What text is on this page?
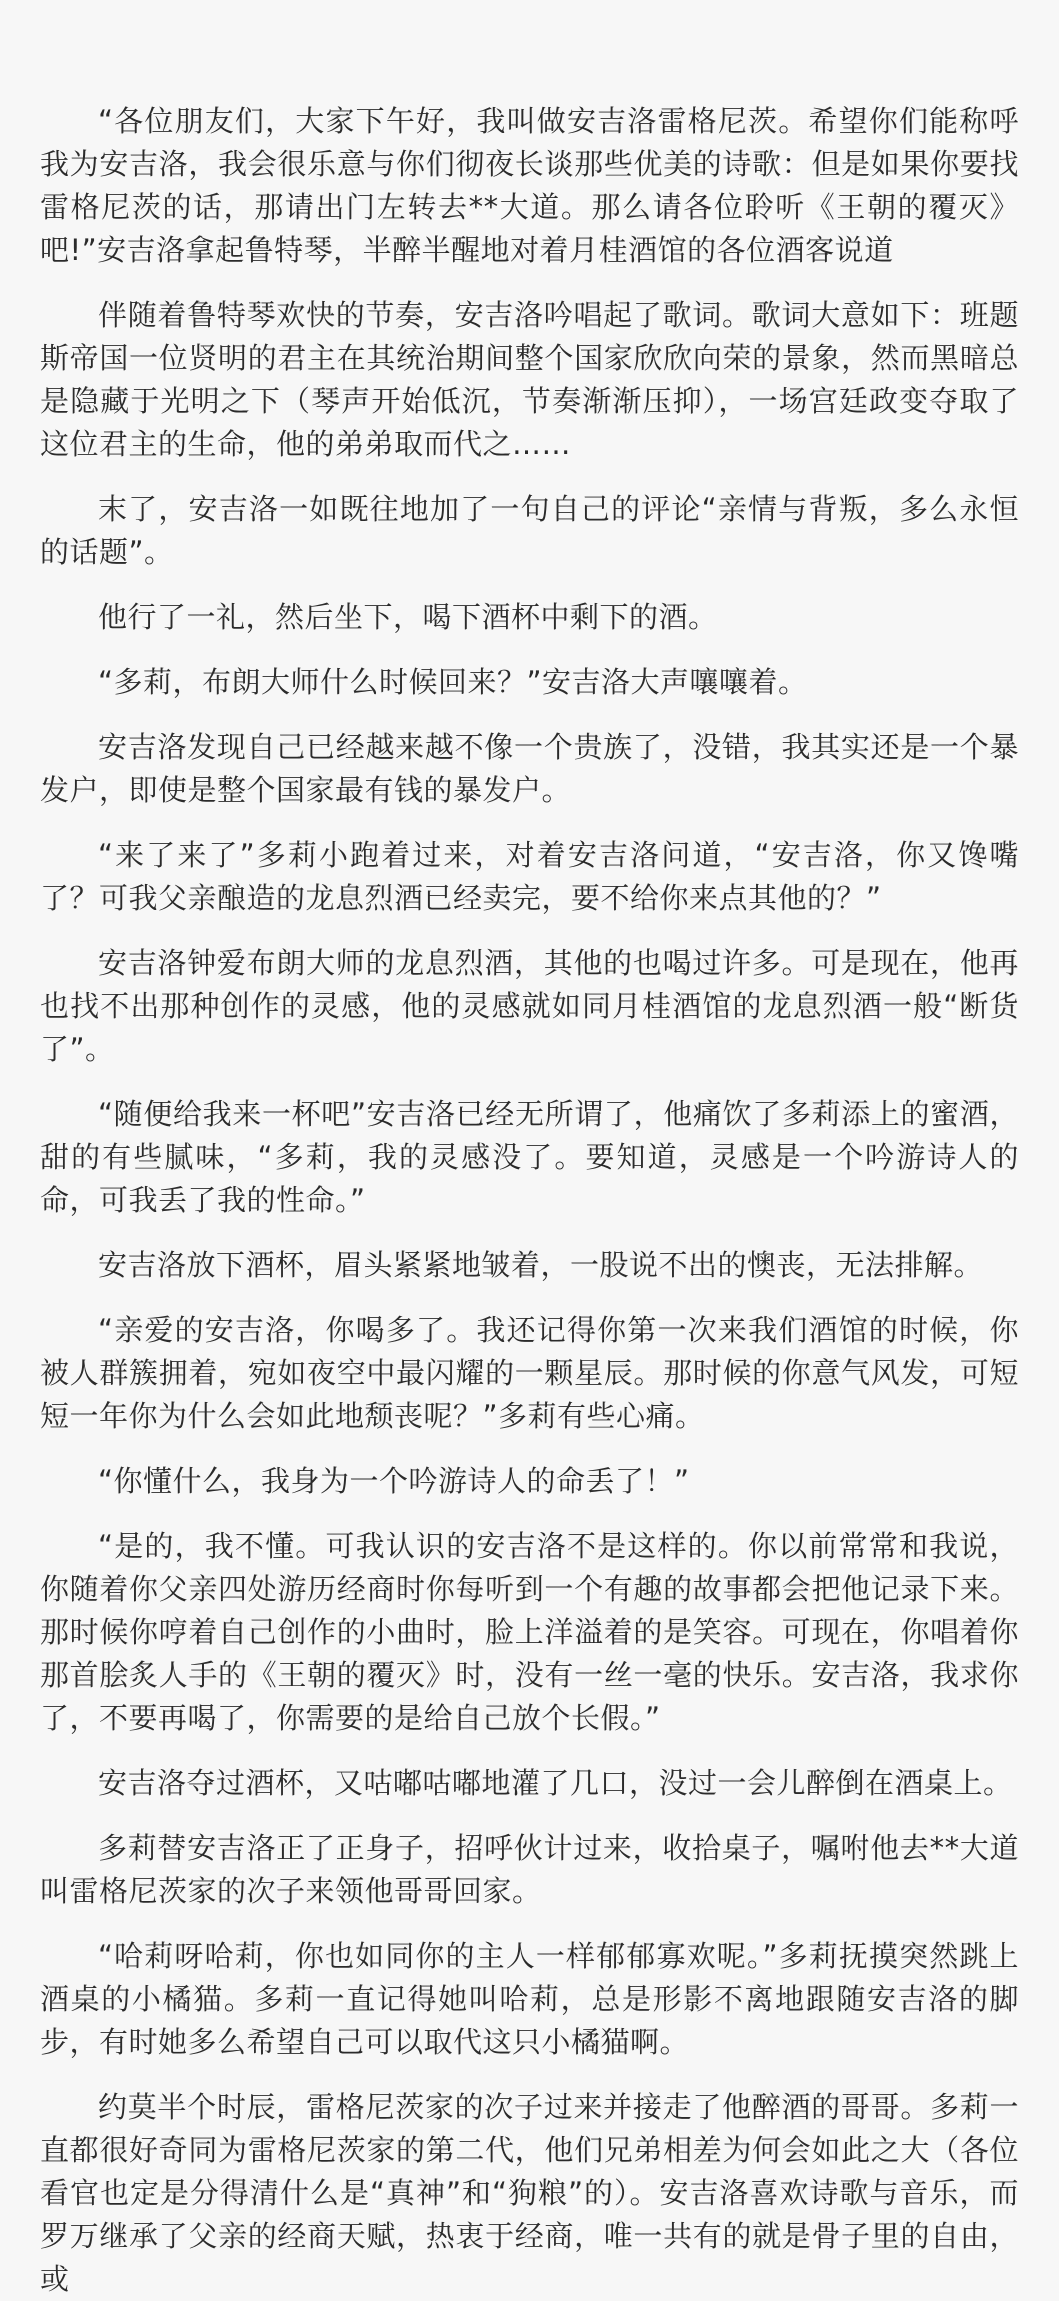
“各位朋友们，大家下午好，我叫做安吉洛雷格尼茨。希望你们能称呼我为安吉洛，我会很乐意与你们彻夜长谈那些优美的诗歌：但是如果你要找雷格尼茨的话，那请出门左转去**大道。那么请各位聆听《王朝的覆灭》吧!”安吉洛拿起鲁特琴，半醉半醒地对着月桂酒馆的各位酒客说道

伴随着鲁特琴欢快的节奏，安吉洛吟唱起了歌词。歌词大意如下：班题斯帝国一位贤明的君主在其统治期间整个国家欣欣向荣的景象，然而黑暗总是隐藏于光明之下（琴声开始低沉，节奏渐渐压抑），一场宫廷政变夺取了这位君主的生命，他的弟弟取而代之……

末了，安吉洛一如既往地加了一句自己的评论“亲情与背叛，多么永恒的话题”。

他行了一礼，然后坐下，喝下酒杯中剩下的酒。

“多莉，布朗大师什么时候回来？”安吉洛大声嚷嚷着。

安吉洛发现自己已经越来越不像一个贵族了，没错，我其实还是一个暴发户，即使是整个国家最有钱的暴发户。

“来了来了”多莉小跑着过来，对着安吉洛问道，“安吉洛，你又馋嘴了？可我父亲酿造的龙息烈酒已经卖完，要不给你来点其他的？”

安吉洛钟爱布朗大师的龙息烈酒，其他的也喝过许多。可是现在，他再也找不出那种创作的灵感，他的灵感就如同月桂酒馆的龙息烈酒一般“断货了”。

“随便给我来一杯吧”安吉洛已经无所谓了，他痛饮了多莉添上的蜜酒，甜的有些腻味，“多莉，我的灵感没了。要知道，灵感是一个吟游诗人的命，可我丢了我的性命。”

安吉洛放下酒杯，眉头紧紧地皱着，一股说不出的懊丧，无法排解。

“亲爱的安吉洛，你喝多了。我还记得你第一次来我们酒馆的时候，你被人群簇拥着，宛如夜空中最闪耀的一颗星辰。那时候的你意气风发，可短短一年你为什么会如此地颓丧呢？”多莉有些心痛。

“你懂什么，我身为一个吟游诗人的命丢了！”

“是的，我不懂。可我认识的安吉洛不是这样的。你以前常常和我说，你随着你父亲四处游历经商时你每听到一个有趣的故事都会把他记录下来。那时候你哼着自己创作的小曲时，脸上洋溢着的是笑容。可现在，你唱着你那首脍炙人手的《王朝的覆灭》时，没有一丝一毫的快乐。安吉洛，我求你了，不要再喝了，你需要的是给自己放个长假。”

安吉洛夺过酒杯，又咕嘟咕嘟地灌了几口，没过一会儿醉倒在酒桌上。

多莉替安吉洛正了正身子，招呼伙计过来，收拾桌子，嘱咐他去**大道叫雷格尼茨家的次子来领他哥哥回家。

“哈莉呀哈莉，你也如同你的主人一样郁郁寡欢呢。”多莉抚摸突然跳上酒桌的小橘猫。多莉一直记得她叫哈莉，总是形影不离地跟随安吉洛的脚步，有时她多么希望自己可以取代这只小橘猫啊。

约莫半个时辰，雷格尼茨家的次子过来并接走了他醉酒的哥哥。多莉一直都很好奇同为雷格尼茨家的第二代，他们兄弟相差为何会如此之大（各位看官也定是分得清什么是“真神”和“狗粮”的）。安吉洛喜欢诗歌与音乐，而罗万继承了父亲的经商天赋，热衷于经商，唯一共有的就是骨子里的自由，或
